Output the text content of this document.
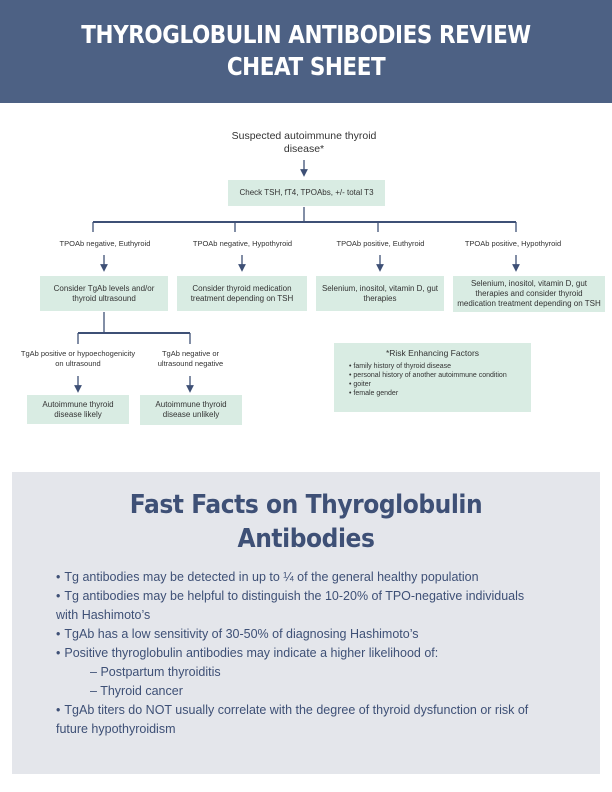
THYROGLOBULIN ANTIBODIES REVIEW
CHEAT SHEET
Suspected autoimmune thyroid disease*
Check TSH, fT4, TPOAbs, +/- total T3
TPOAb negative, Euthyroid	TPOAb negative, Hypothyroid	TPOAb positive, Euthyroid	TPOAb positive, Hypothyroid
Consider TgAb levels and/or thyroid ultrasound
Consider thyroid medication treatment depending on TSH
Selenium, inositol, vitamin D, gut therapies
Selenium, inositol, vitamin D, gut therapies and consider thyroid medication treatment depending on TSH
TgAb positive or hypoechogenicity on ultrasound
TgAb negative or ultrasound negative
Autoimmune thyroid disease likely
Autoimmune thyroid disease unlikely
*Risk Enhancing Factors
• family history of thyroid disease
• personal history of another autoimmune condition
• goiter
• female gender
Fast Facts on Thyroglobulin Antibodies
• Tg antibodies may be detected in up to ¼ of the general healthy population
• Tg antibodies may be helpful to distinguish the 10-20% of TPO-negative individuals
with Hashimoto’s
• TgAb has a low sensitivity of 30-50% of diagnosing Hashimoto’s
• Positive thyroglobulin antibodies may indicate a higher likelihood of:
– Postpartum thyroiditis
– Thyroid cancer
• TgAb titers do NOT usually correlate with the degree of thyroid dysfunction or risk of
future hypothyroidism
